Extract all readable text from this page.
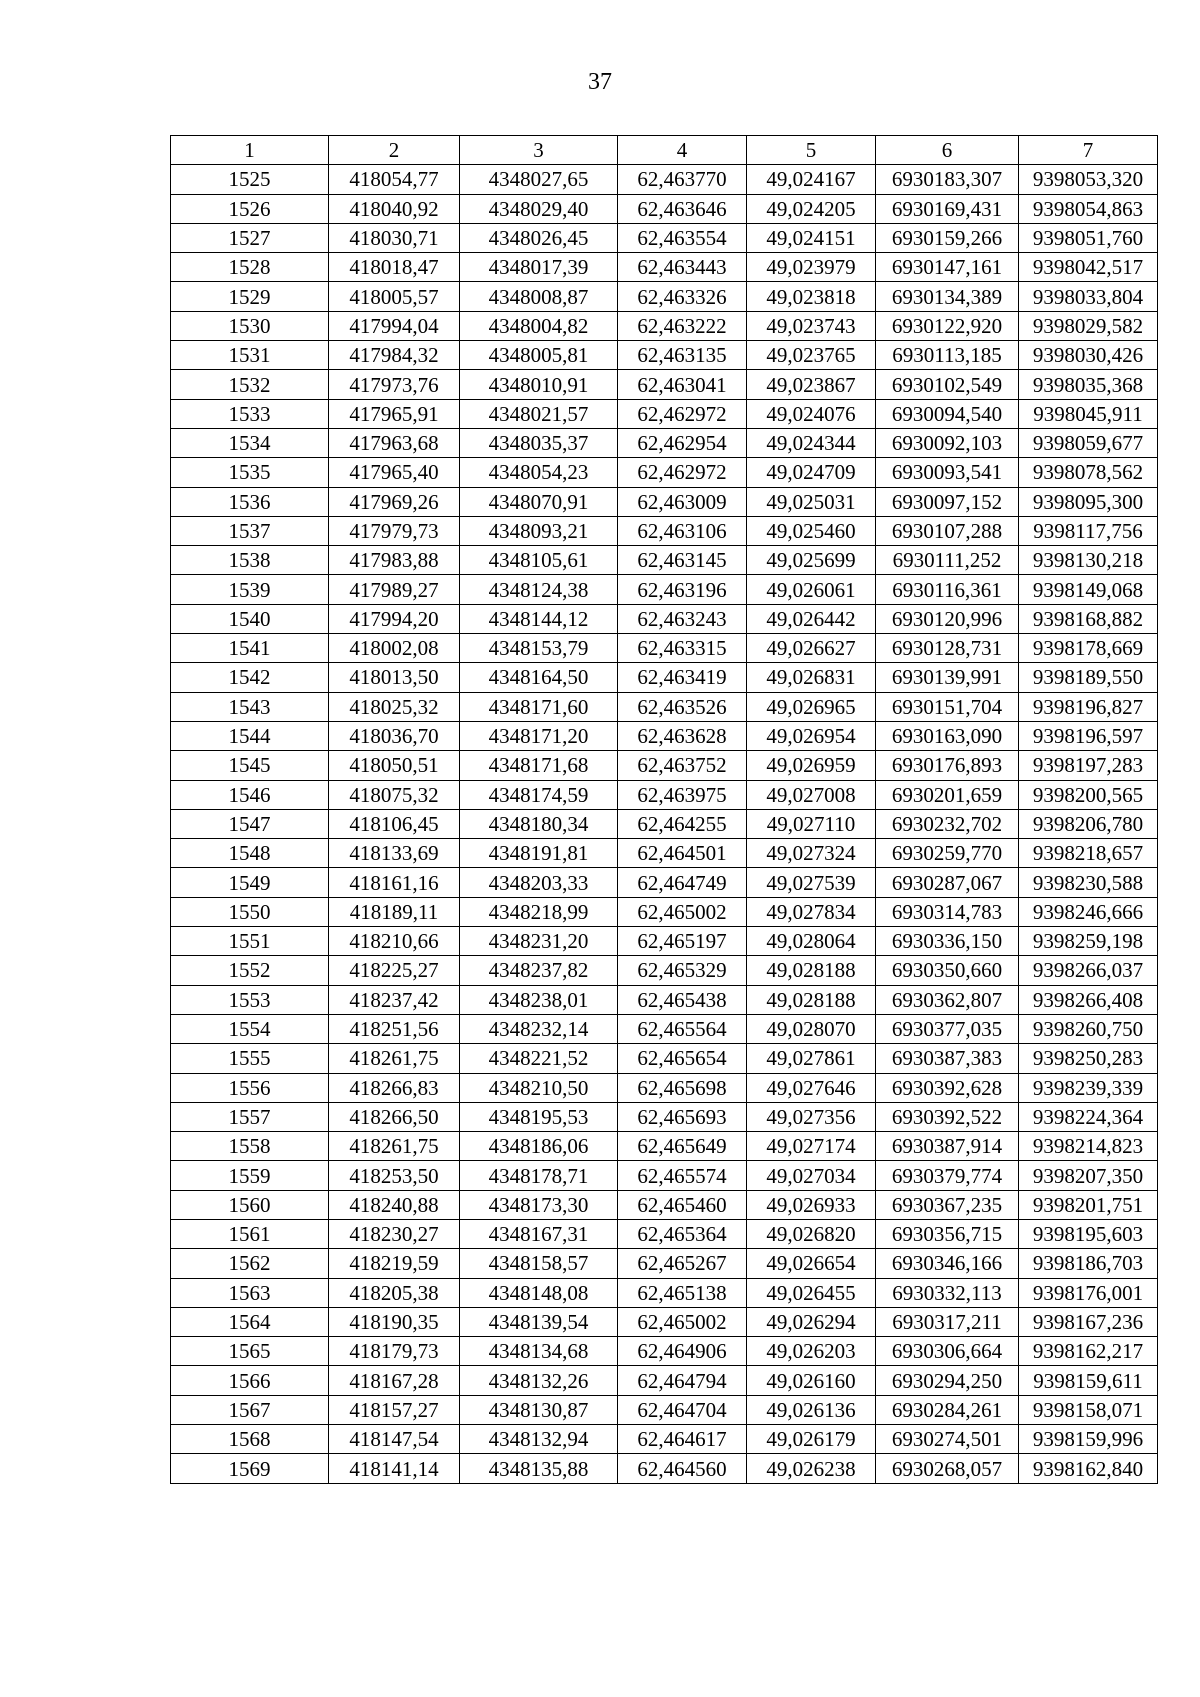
37
1	2	3	4	5	6	7
1525	418054,77	4348027,65	62,463770	49,024167	6930183,307	9398053,320
1526	418040,92	4348029,40	62,463646	49,024205	6930169,431	9398054,863
1527	418030,71	4348026,45	62,463554	49,024151	6930159,266	9398051,760
1528	418018,47	4348017,39	62,463443	49,023979	6930147,161	9398042,517
1529	418005,57	4348008,87	62,463326	49,023818	6930134,389	9398033,804
1530	417994,04	4348004,82	62,463222	49,023743	6930122,920	9398029,582
1531	417984,32	4348005,81	62,463135	49,023765	6930113,185	9398030,426
1532	417973,76	4348010,91	62,463041	49,023867	6930102,549	9398035,368
1533	417965,91	4348021,57	62,462972	49,024076	6930094,540	9398045,911
1534	417963,68	4348035,37	62,462954	49,024344	6930092,103	9398059,677
1535	417965,40	4348054,23	62,462972	49,024709	6930093,541	9398078,562
1536	417969,26	4348070,91	62,463009	49,025031	6930097,152	9398095,300
1537	417979,73	4348093,21	62,463106	49,025460	6930107,288	9398117,756
1538	417983,88	4348105,61	62,463145	49,025699	6930111,252	9398130,218
1539	417989,27	4348124,38	62,463196	49,026061	6930116,361	9398149,068
1540	417994,20	4348144,12	62,463243	49,026442	6930120,996	9398168,882
1541	418002,08	4348153,79	62,463315	49,026627	6930128,731	9398178,669
1542	418013,50	4348164,50	62,463419	49,026831	6930139,991	9398189,550
1543	418025,32	4348171,60	62,463526	49,026965	6930151,704	9398196,827
1544	418036,70	4348171,20	62,463628	49,026954	6930163,090	9398196,597
1545	418050,51	4348171,68	62,463752	49,026959	6930176,893	9398197,283
1546	418075,32	4348174,59	62,463975	49,027008	6930201,659	9398200,565
1547	418106,45	4348180,34	62,464255	49,027110	6930232,702	9398206,780
1548	418133,69	4348191,81	62,464501	49,027324	6930259,770	9398218,657
1549	418161,16	4348203,33	62,464749	49,027539	6930287,067	9398230,588
1550	418189,11	4348218,99	62,465002	49,027834	6930314,783	9398246,666
1551	418210,66	4348231,20	62,465197	49,028064	6930336,150	9398259,198
1552	418225,27	4348237,82	62,465329	49,028188	6930350,660	9398266,037
1553	418237,42	4348238,01	62,465438	49,028188	6930362,807	9398266,408
1554	418251,56	4348232,14	62,465564	49,028070	6930377,035	9398260,750
1555	418261,75	4348221,52	62,465654	49,027861	6930387,383	9398250,283
1556	418266,83	4348210,50	62,465698	49,027646	6930392,628	9398239,339
1557	418266,50	4348195,53	62,465693	49,027356	6930392,522	9398224,364
1558	418261,75	4348186,06	62,465649	49,027174	6930387,914	9398214,823
1559	418253,50	4348178,71	62,465574	49,027034	6930379,774	9398207,350
1560	418240,88	4348173,30	62,465460	49,026933	6930367,235	9398201,751
1561	418230,27	4348167,31	62,465364	49,026820	6930356,715	9398195,603
1562	418219,59	4348158,57	62,465267	49,026654	6930346,166	9398186,703
1563	418205,38	4348148,08	62,465138	49,026455	6930332,113	9398176,001
1564	418190,35	4348139,54	62,465002	49,026294	6930317,211	9398167,236
1565	418179,73	4348134,68	62,464906	49,026203	6930306,664	9398162,217
1566	418167,28	4348132,26	62,464794	49,026160	6930294,250	9398159,611
1567	418157,27	4348130,87	62,464704	49,026136	6930284,261	9398158,071
1568	418147,54	4348132,94	62,464617	49,026179	6930274,501	9398159,996
1569	418141,14	4348135,88	62,464560	49,026238	6930268,057	9398162,840
